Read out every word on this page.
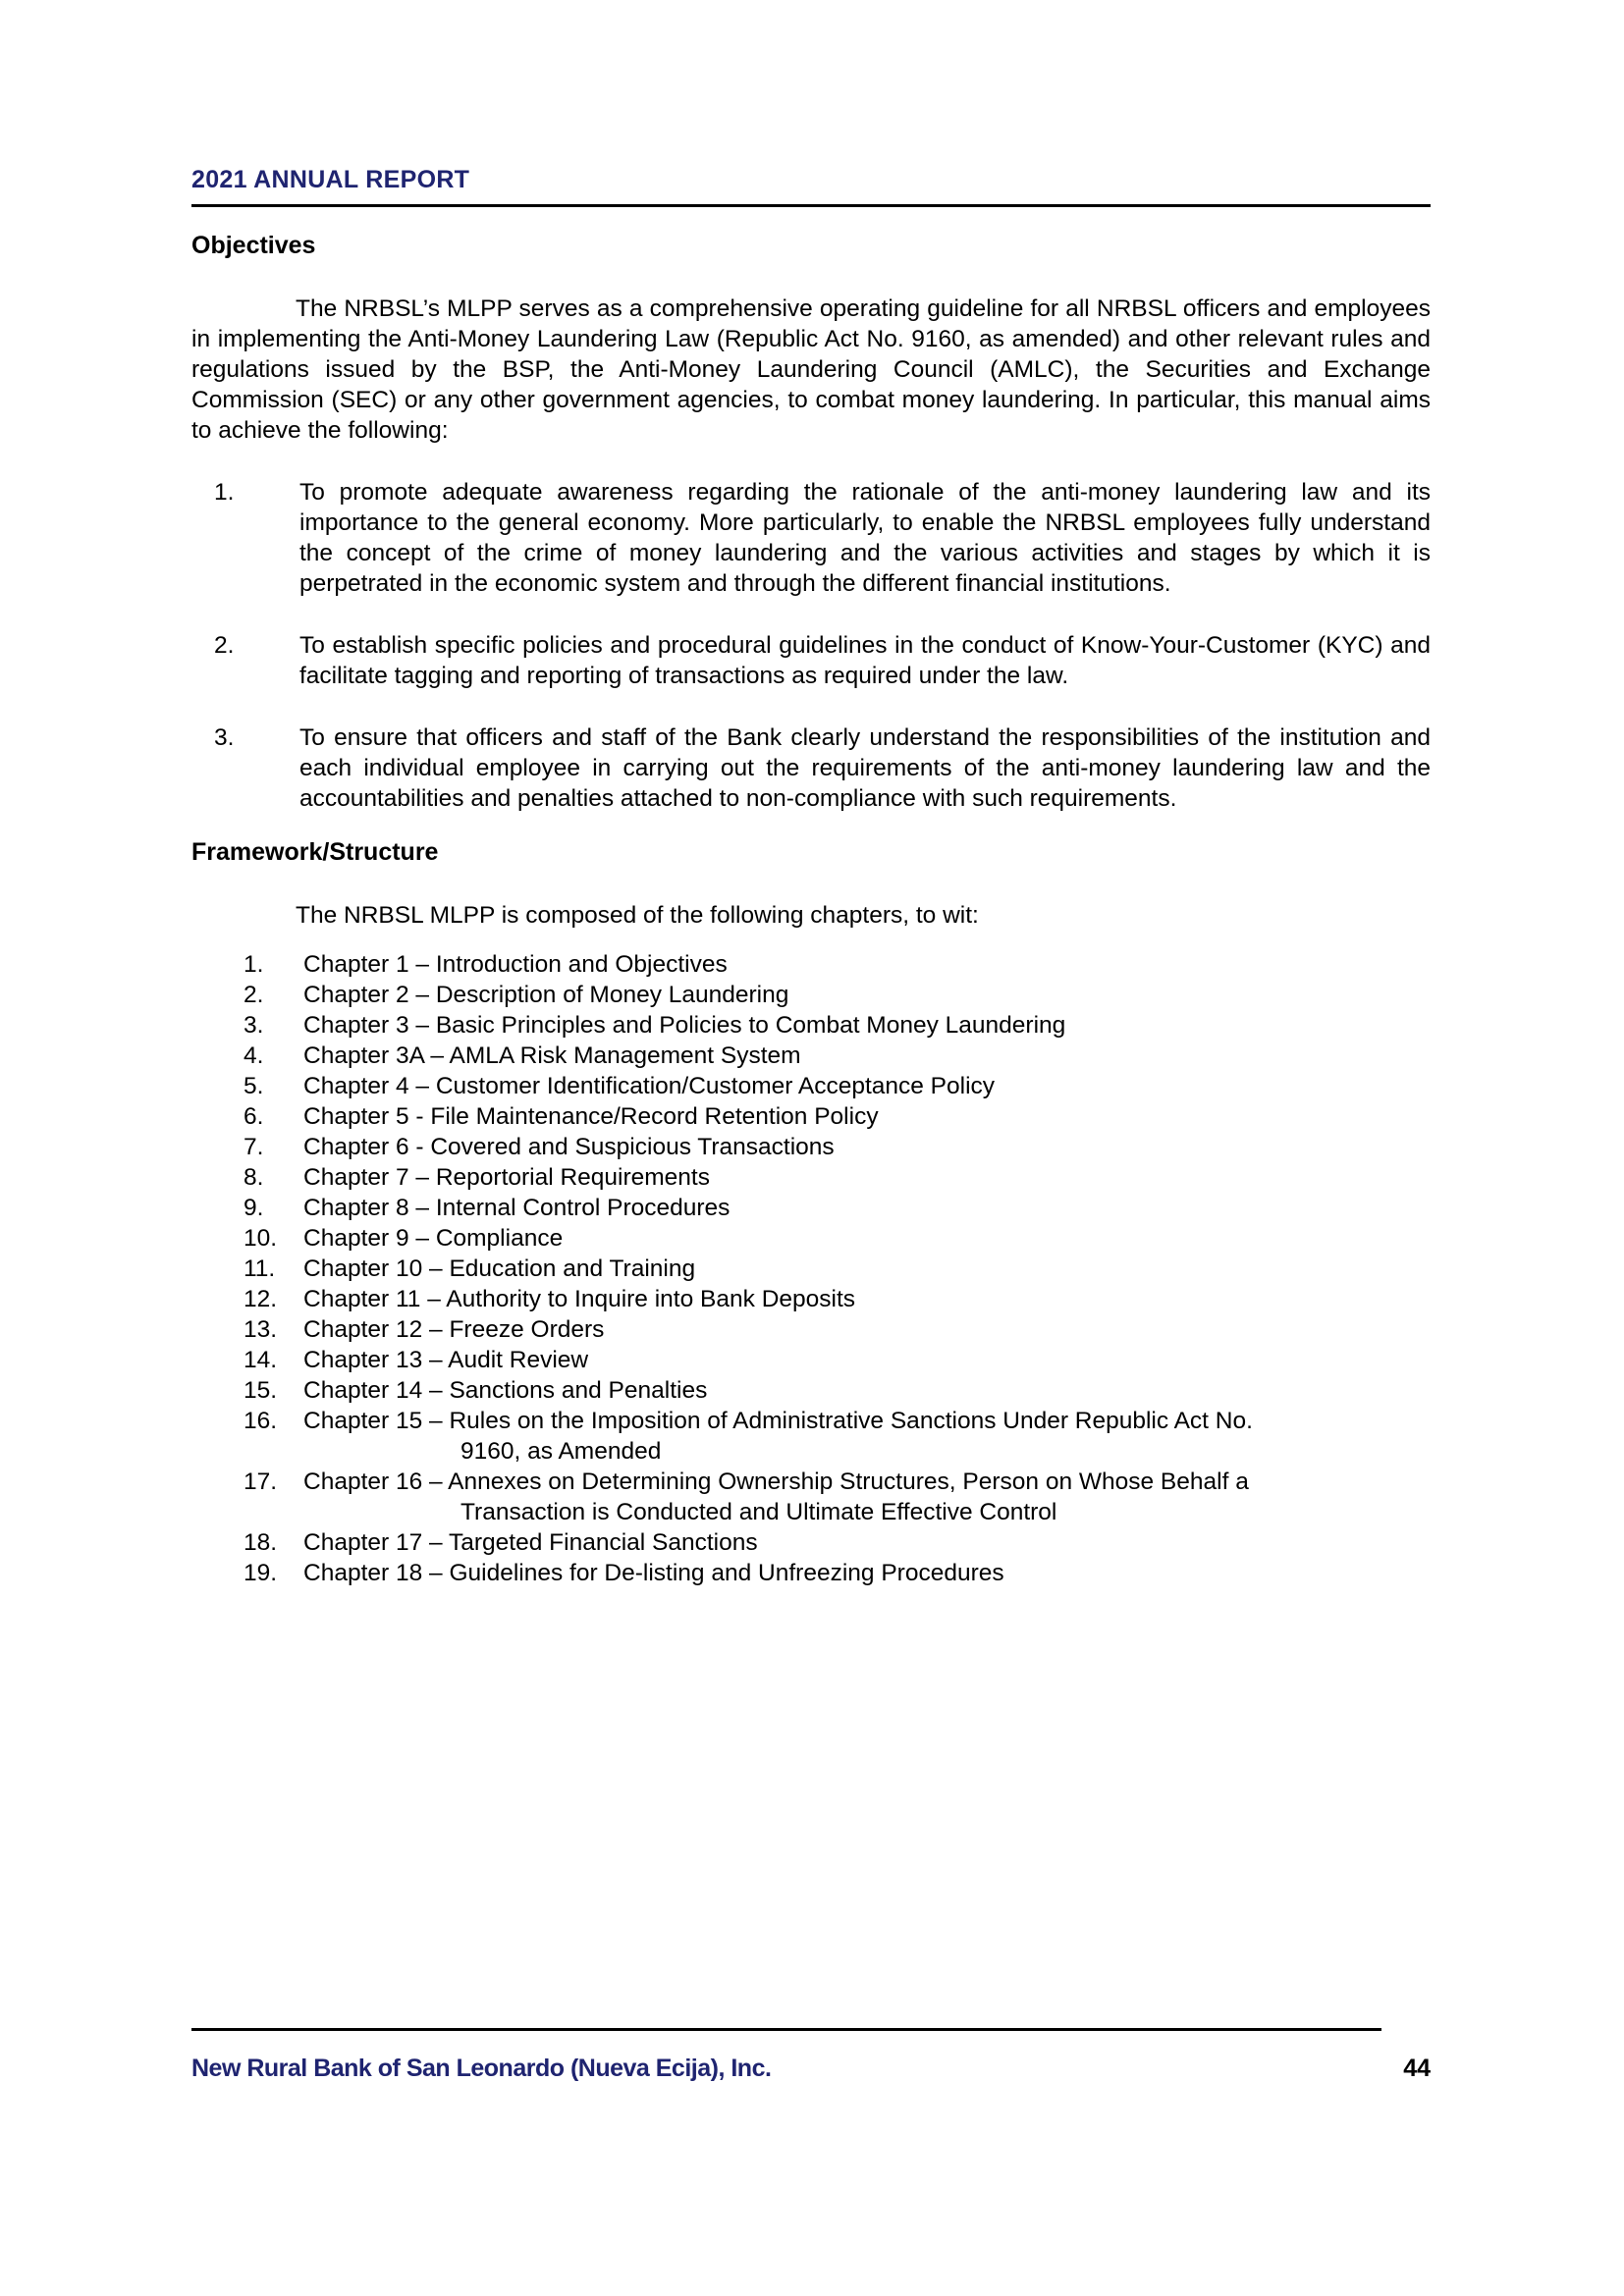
2021 ANNUAL REPORT
Objectives

The NRBSL’s MLPP serves as a comprehensive operating guideline for all NRBSL officers and employees in implementing the Anti-Money Laundering Law (Republic Act No. 9160, as amended) and other relevant rules and regulations issued by the BSP, the Anti-Money Laundering Council (AMLC), the Securities and Exchange Commission (SEC) or any other government agencies, to combat money laundering. In particular, this manual aims to achieve the following:

1.	To promote adequate awareness regarding the rationale of the anti-money laundering law and its importance to the general economy. More particularly, to enable the NRBSL employees fully understand the concept of the crime of money laundering and the various activities and stages by which it is perpetrated in the economic system and through the different financial institutions.
2.	To establish specific policies and procedural guidelines in the conduct of Know-Your-Customer (KYC) and facilitate tagging and reporting of transactions as required under the law.
3.	To ensure that officers and staff of the Bank clearly understand the responsibilities of the institution and each individual employee in carrying out the requirements of the anti-money laundering law and the accountabilities and penalties attached to non-compliance with such requirements.
Framework/Structure

The NRBSL MLPP is composed of the following chapters, to wit:

1.	Chapter 1 – Introduction and Objectives
2.	Chapter 2 – Description of Money Laundering
3.	Chapter 3 – Basic Principles and Policies to Combat Money Laundering
4.	Chapter 3A – AMLA Risk Management System
5.	Chapter 4 – Customer Identification/Customer Acceptance Policy
6.	Chapter 5 - File Maintenance/Record Retention Policy
7.	Chapter 6 - Covered and Suspicious Transactions
8.	Chapter 7 – Reportorial Requirements
9.	Chapter 8 – Internal Control Procedures
10.	Chapter 9 – Compliance
11.	Chapter 10 – Education and Training
12.	Chapter 11 – Authority to Inquire into Bank Deposits
13.	Chapter 12 – Freeze Orders
14.	Chapter 13 – Audit Review
15.	Chapter 14 – Sanctions and Penalties
16.	Chapter 15 – Rules on the Imposition of Administrative Sanctions Under Republic Act No.
9160, as Amended
17.	Chapter 16 – Annexes on Determining Ownership Structures, Person on Whose Behalf a
Transaction is Conducted and Ultimate Effective Control
18.	Chapter 17 – Targeted Financial Sanctions
19.	Chapter 18 – Guidelines for De-listing and Unfreezing Procedures
New Rural Bank of San Leonardo (Nueva Ecija), Inc.	44
